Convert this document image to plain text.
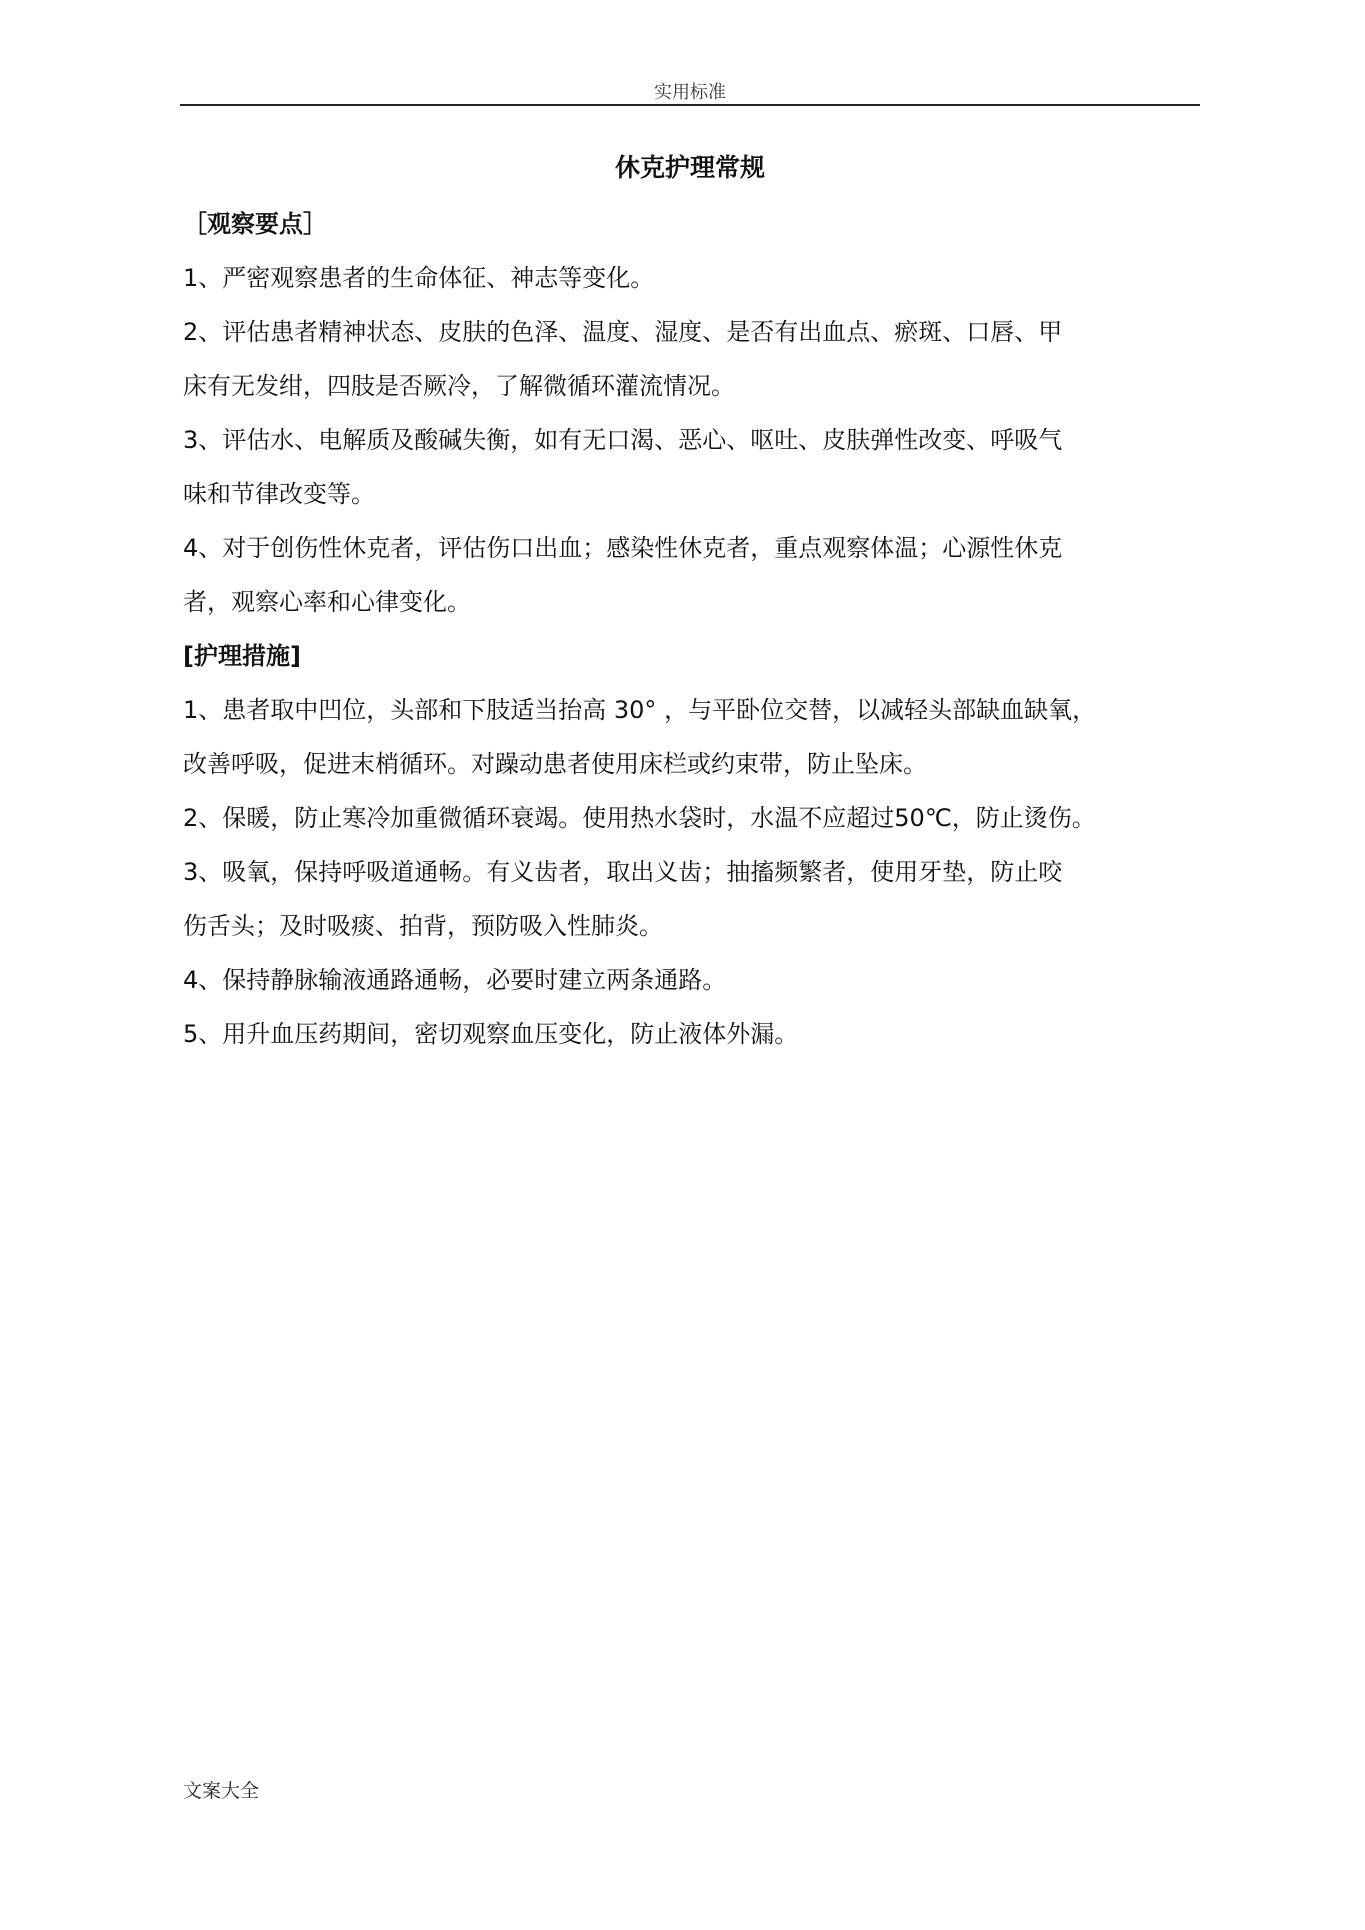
实用标准
休克护理常规
［观察要点］
1、严密观察患者的生命体征、神志等变化。
2、评估患者精神状态、皮肤的色泽、温度、湿度、是否有出血点、瘀斑、口唇、甲
床有无发绀，四肢是否厥冷，了解微循环灌流情况。
3、评估水、电解质及酸碱失衡，如有无口渴、恶心、呕吐、皮肤弹性改变、呼吸气
味和节律改变等。
4、对于创伤性休克者，评估伤口出血；感染性休克者，重点观察体温；心源性休克
者，观察心率和心律变化。
[护理措施]
1、患者取中凹位，头部和下肢适当抬高 30° ，与平卧位交替，以减轻头部缺血缺氧，
改善呼吸，促进末梢循环。对躁动患者使用床栏或约束带，防止坠床。
2、保暖，防止寒冷加重微循环衰竭。使用热水袋时，水温不应超过50℃，防止烫伤。
3、吸氧，保持呼吸道通畅。有义齿者，取出义齿；抽搐频繁者，使用牙垫，防止咬
伤舌头；及时吸痰、拍背，预防吸入性肺炎。
4、保持静脉输液通路通畅，必要时建立两条通路。
5、用升血压药期间，密切观察血压变化，防止液体外漏。
文案大全
